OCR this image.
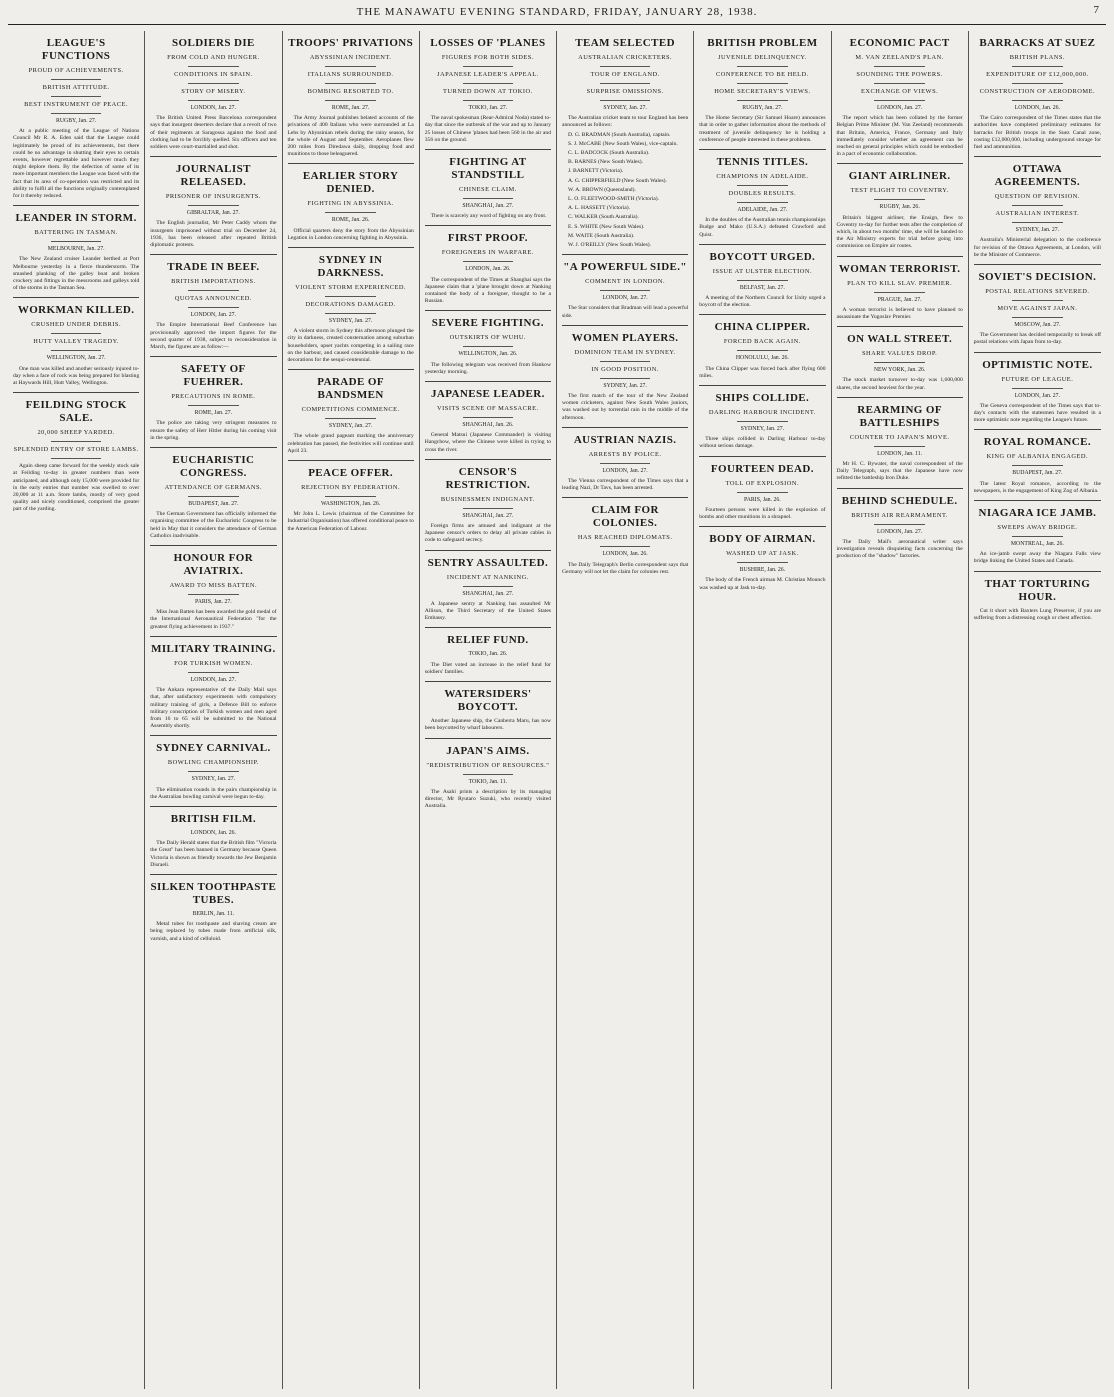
THE MANAWATU EVENING STANDARD, FRIDAY, JANUARY 28, 1938.	7
LEAGUE'S FUNCTIONS
PROUD OF ACHIEVEMENTS.
BRITISH ATTITUDE.
BEST INSTRUMENT OF PEACE.
RUGBY, Jan. 27.

At a public meeting of the League of Nations Council Mr R. A. Eden said that the League could legitimately be proud of its achievements, but there could be no advantage in shutting their eyes to certain events, however regrettable and however much they might deplore them. By the defection of some of its more important members the League was faced with the fact that its area of co-operation was restricted and its ability to fulfil all the functions originally contemplated for it thereby reduced.

LEANDER IN STORM.
BATTERING IN TASMAN.
MELBOURNE, Jan. 27.

The New Zealand cruiser Leander berthed at Port Melbourne yesterday in a fierce thunderstorm. The smashed planking of the galley boat and broken crockery and fittings in the messrooms and galleys told of the storms in the Tasman Sea.

WORKMAN KILLED.
CRUSHED UNDER DEBRIS.
HUTT VALLEY TRAGEDY.
WELLINGTON, Jan. 27.

One man was killed and another seriously injured to-day when a face of rock was being prepared for blasting at Haywards Hill, Hutt Valley, Wellington.

FEILDING STOCK SALE.
20,000 SHEEP YARDED.
SPLENDID ENTRY OF STORE LAMBS.

Again sheep came forward for the weekly stock sale at Feilding to-day in greater numbers than were anticipated, and although only 15,000 were provided for in the early entries that number was swelled to over 20,000 at 11 a.m. Store lambs, mostly of very good quality and nicely conditioned, comprised the greater part of the yarding.

SOLDIERS DIE
FROM COLD AND HUNGER.
CONDITIONS IN SPAIN.
STORY OF MISERY.
LONDON, Jan. 27.

The British United Press Barcelona correspondent says that insurgent deserters declare that a revolt of two of their regiments at Saragossa against the food and clothing had to be forcibly quelled. Six officers and ten soldiers were court-martialled and shot.

JOURNALIST RELEASED.
PRISONER OF INSURGENTS.
GIBRALTAR, Jan. 27.

The English journalist, Mr Peter Caddy whom the insurgents imprisoned without trial on December 24, 1936, has been released after repeated British diplomatic protests.

TRADE IN BEEF.
BRITISH IMPORTATIONS.
QUOTAS ANNOUNCED.
LONDON, Jan. 27.

The Empire International Beef Conference has provisionally approved the import figures for the second quarter of 1938, subject to reconsideration in March, the figures are as follow:—

SAFETY OF FUEHRER.
PRECAUTIONS IN ROME.
ROME, Jan. 27.

The police are taking very stringent measures to ensure the safety of Herr Hitler during his coming visit in the spring.

EUCHARISTIC CONGRESS.
ATTENDANCE OF GERMANS.
BUDAPEST, Jan. 27.

The German Government has officially informed the organising committee of the Eucharistic Congress to be held in May that it considers the attendance of German Catholics inadvisable.

HONOUR FOR AVIATRIX.
AWARD TO MISS BATTEN.
PARIS, Jan. 27.

Miss Jean Batten has been awarded the gold medal of the International Aeronautical Federation "for the greatest flying achievement in 1937."

MILITARY TRAINING.
FOR TURKISH WOMEN.
LONDON, Jan. 27.

The Ankara representative of the Daily Mail says that, after satisfactory experiments with compulsory military training of girls, a Defence Bill to enforce military conscription of Turkish women and men aged from 16 to 65 will be submitted to the National Assembly shortly.

SYDNEY CARNIVAL.
BOWLING CHAMPIONSHIP.
SYDNEY, Jan. 27.

The elimination rounds in the pairs championship in the Australian bowling carnival were begun to-day.

BRITISH FILM.
LONDON, Jan. 26.

The Daily Herald states that the British film "Victoria the Great" has been banned in Germany because Queen Victoria is shown as friendly towards the Jew Benjamin Disraeli.

SILKEN TOOTHPASTE TUBES.
BERLIN, Jan. 11.

Metal tubes for toothpaste and shaving cream are being replaced by tubes made from artificial silk, varnish, and a kind of celluloid.

TROOPS' PRIVATIONS
ABYSSINIAN INCIDENT.
ITALIANS SURROUNDED.
BOMBING RESORTED TO.
ROME, Jan. 27.

The Army Journal publishes belated accounts of the privations of 400 Italians who were surrounded at La Lebs by Abyssinian rebels during the rainy season, for the whole of August and September. Aeroplanes flew 200 miles from Diredawa daily, dropping food and munitions to those beleaguered.

EARLIER STORY DENIED.
FIGHTING IN ABYSSINIA.
ROME, Jan. 26.

Official quarters deny the story from the Abyssinian Legation in London concerning fighting in Abyssinia.

SYDNEY IN DARKNESS.
VIOLENT STORM EXPERIENCED.
DECORATIONS DAMAGED.
SYDNEY, Jan. 27.

A violent storm in Sydney this afternoon plunged the city in darkness, created consternation among suburban householders, upset yachts competing in a sailing race on the harbour, and caused considerable damage to the decorations for the sesqui-centennial.

PARADE OF BANDSMEN
COMPETITIONS COMMENCE.
SYDNEY, Jan. 27.

The whole grand pageant marking the anniversary celebration has passed, the festivities will continue until April 23.

PEACE OFFER.
REJECTION BY FEDERATION.
WASHINGTON, Jan. 26.

Mr John L. Lewis (chairman of the Committee for Industrial Organisation) has offered conditional peace to the American Federation of Labour.

LOSSES OF 'PLANES
FIGURES FOR BOTH SIDES.
JAPANESE LEADER'S APPEAL.
TURNED DOWN AT TOKIO.
TOKIO, Jan. 27.

The naval spokesman (Rear-Admiral Noda) stated to-day that since the outbreak of the war and up to January 25 losses of Chinese 'planes had been 560 in the air and 356 on the ground.

FIGHTING AT STANDSTILL
CHINESE CLAIM.
SHANGHAI, Jan. 27.

There is scarcely any word of fighting on any front.

FIRST PROOF.
FOREIGNERS IN WARFARE.
LONDON, Jan. 26.

The correspondent of the Times at Shanghai says the Japanese claim that a 'plane brought down at Nanking contained the body of a foreigner, thought to be a Russian.

SEVERE FIGHTING.
OUTSKIRTS OF WUHU.
WELLINGTON, Jan. 26.

The following telegram was received from Hankow yesterday morning.

JAPANESE LEADER.
VISITS SCENE OF MASSACRE.
SHANGHAI, Jan. 26.

General Matsui (Japanese Commander) is visiting Hangchow, where the Chinese were killed in trying to cross the river.

CENSOR'S RESTRICTION.
BUSINESSMEN INDIGNANT.
SHANGHAI, Jan. 27.

Foreign firms are amused and indignant at the Japanese censor's orders to delay all private cables in code to safeguard secrecy.

SENTRY ASSAULTED.
INCIDENT AT NANKING.
SHANGHAI, Jan. 27.

A Japanese sentry at Nanking has assaulted Mr Allison, the Third Secretary of the United States Embassy.

RELIEF FUND.
TOKIO, Jan. 26.

The Diet voted an increase in the relief fund for soldiers' families.

WATERSIDERS' BOYCOTT.

Another Japanese ship, the Canberra Maru, has now been boycotted by wharf labourers.

JAPAN'S AIMS.
"REDISTRIBUTION OF RESOURCES."
TOKIO, Jan. 11.

The Asahi prints a description by its managing director, Mr Ryutaro Suzuki, who recently visited Australia.

TEAM SELECTED
AUSTRALIAN CRICKETERS.
TOUR OF ENGLAND.
SURPRISE OMISSIONS.
SYDNEY, Jan. 27.

The Australian cricket team to tour England has been announced as follows:

D. G. BRADMAN (South Australia), captain.

S. J. McCABE (New South Wales), vice-captain.

C. L. BADCOCK (South Australia).

B. BARNES (New South Wales).

J. BARNETT (Victoria).

A. G. CHIPPERFIELD (New South Wales).

W. A. BROWN (Queensland).

L. O. FLEETWOOD-SMITH (Victoria).

A. L. HASSETT (Victoria).

C. WALKER (South Australia).

E. S. WHITE (New South Wales).

M. WAITE (South Australia).

W. J. O'REILLY (New South Wales).

"A POWERFUL SIDE."
COMMENT IN LONDON.
LONDON, Jan. 27.

The Star considers that Bradman will lead a powerful side.

WOMEN PLAYERS.
DOMINION TEAM IN SYDNEY.
IN GOOD POSITION.
SYDNEY, Jan. 27.

The first match of the tour of the New Zealand women cricketers, against New South Wales juniors, was washed out by torrential rain in the middle of the afternoon.

AUSTRIAN NAZIS.
ARRESTS BY POLICE.
LONDON, Jan. 27.

The Vienna correspondent of the Times says that a leading Nazi, Dr Tavs, has been arrested.

CLAIM FOR COLONIES.
HAS REACHED DIPLOMATS.
LONDON, Jan. 26.

The Daily Telegraph's Berlin correspondent says that Germany will not let the claim for colonies rest.

BRITISH PROBLEM
JUVENILE DELINQUENCY.
CONFERENCE TO BE HELD.
HOME SECRETARY'S VIEWS.
RUGBY, Jan. 27.

The Home Secretary (Sir Samuel Hoare) announces that in order to gather information about the methods of treatment of juvenile delinquency he is holding a conference of people interested in these problems.

TENNIS TITLES.
CHAMPIONS IN ADELAIDE.
DOUBLES RESULTS.
ADELAIDE, Jan. 27.

In the doubles of the Australian tennis championships Budge and Mako (U.S.A.) defeated Crawford and Quist.

BOYCOTT URGED.
ISSUE AT ULSTER ELECTION.
BELFAST, Jan. 27.

A meeting of the Northern Council for Unity urged a boycott of the election.

CHINA CLIPPER.
FORCED BACK AGAIN.
HONOLULU, Jan. 26.

The China Clipper was forced back after flying 600 miles.

SHIPS COLLIDE.
DARLING HARBOUR INCIDENT.
SYDNEY, Jan. 27.

Three ships collided in Darling Harbour to-day without serious damage.

FOURTEEN DEAD.
TOLL OF EXPLOSION.
PARIS, Jan. 26.

Fourteen persons were killed in the explosion of bombs and other munitions in a shrapnel.

BODY OF AIRMAN.
WASHED UP AT JASK.
BUSHIRE, Jan. 26.

The body of the French airman M. Christian Mounch was washed up at Jask to-day.

ECONOMIC PACT
M. VAN ZEELAND'S PLAN.
SOUNDING THE POWERS.
EXCHANGE OF VIEWS.
LONDON, Jan. 27.

The report which has been collated by the former Belgian Prime Minister (M. Van Zeeland) recommends that Britain, America, France, Germany and Italy immediately consider whether an agreement can be reached on general principles which could be embodied in a pact of economic collaboration.

GIANT AIRLINER.
TEST FLIGHT TO COVENTRY.
RUGBY, Jan. 26.

Britain's biggest airliner, the Ensign, flew to Coventry to-day for further tests after the completion of which, in about two months' time, she will be handed to the Air Ministry experts for trial before going into commission on Empire air routes.

WOMAN TERRORIST.
PLAN TO KILL SLAV. PREMIER.
PRAGUE, Jan. 27.

A woman terrorist is believed to have planned to assassinate the Yugoslav Premier.

ON WALL STREET.
SHARE VALUES DROP.
NEW YORK, Jan. 26.

The stock market turnover to-day was 1,600,000 shares, the second heaviest for the year.

REARMING OF BATTLESHIPS
COUNTER TO JAPAN'S MOVE.
LONDON, Jan. 11.

Mr H. C. Bywater, the naval correspondent of the Daily Telegraph, says that the Japanese have now refitted the battleship Iron Duke.

BEHIND SCHEDULE.
BRITISH AIR REARMAMENT.
LONDON, Jan. 27.

The Daily Mail's aeronautical writer says investigation reveals disquieting facts concerning the production of the "shadow" factories.

BARRACKS AT SUEZ
BRITISH PLANS.
EXPENDITURE OF £12,000,000.
CONSTRUCTION OF AERODROME.
LONDON, Jan. 26.

The Cairo correspondent of the Times states that the authorities have completed preliminary estimates for barracks for British troops in the Suez Canal zone, costing £12,000,000, including underground storage for fuel and ammunition.

OTTAWA AGREEMENTS.
QUESTION OF REVISION.
AUSTRALIAN INTEREST.
SYDNEY, Jan. 27.

Australia's Ministerial delegation to the conference for revision of the Ottawa Agreements, at London, will be the Minister of Commerce.

SOVIET'S DECISION.
POSTAL RELATIONS SEVERED.
MOVE AGAINST JAPAN.
MOSCOW, Jan. 27.

The Government has decided temporarily to break off postal relations with Japan from to-day.

OPTIMISTIC NOTE.
FUTURE OF LEAGUE.
LONDON, Jan. 27.

The Geneva correspondent of the Times says that to-day's contacts with the statesmen have resulted in a more optimistic note regarding the League's future.

ROYAL ROMANCE.
KING OF ALBANIA ENGAGED.
BUDAPEST, Jan. 27.

The latest Royal romance, according to the newspapers, is the engagement of King Zog of Albania.

NIAGARA ICE JAMB.
SWEEPS AWAY BRIDGE.
MONTREAL, Jan. 26.

An ice-jamb swept away the Niagara Falls view bridge linking the United States and Canada.

THAT TORTURING HOUR.

Cut it short with Baxters Lung Preserver, if you are suffering from a distressing cough or chest affection.
